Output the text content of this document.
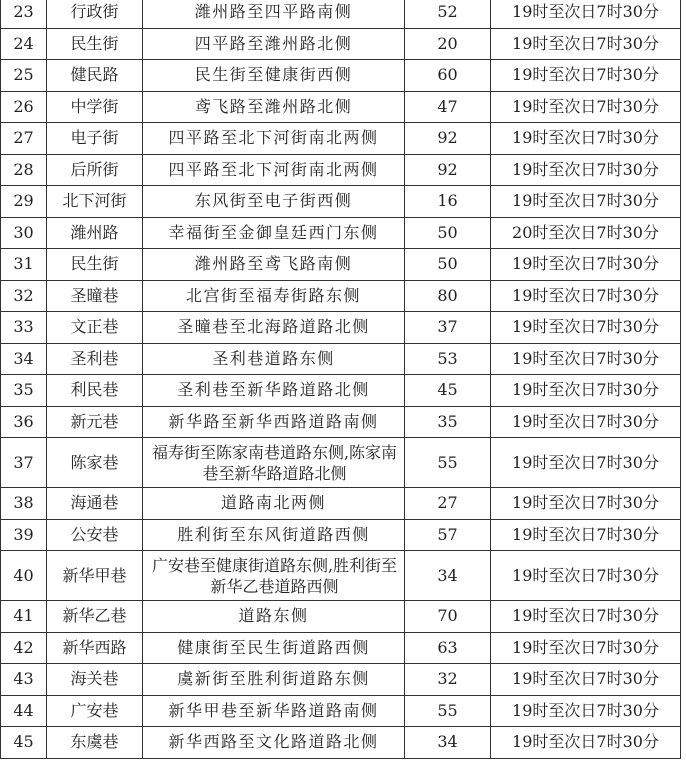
23	行政街	潍州路至四平路南侧	52	19时至次日7时30分
24	民生街	四平路至潍州路北侧	20	19时至次日7时30分
25	健民路	民生街至健康街西侧	60	19时至次日7时30分
26	中学街	鸢飞路至潍州路北侧	47	19时至次日7时30分
27	电子街	四平路至北下河街南北两侧	92	19时至次日7时30分
28	后所街	四平路至北下河街南北两侧	92	19时至次日7时30分
29	北下河街	东风街至电子街西侧	16	19时至次日7时30分
30	潍州路	幸福街至金御皇廷西门东侧	50	20时至次日7时30分
31	民生街	潍州路至鸢飞路南侧	50	19时至次日7时30分
32	圣曈巷	北宫街至福寿街路东侧	80	19时至次日7时30分
33	文正巷	圣曈巷至北海路道路北侧	37	19时至次日7时30分
34	圣利巷	圣利巷道路东侧	53	19时至次日7时30分
35	利民巷	圣利巷至新华路道路北侧	45	19时至次日7时30分
36	新元巷	新华路至新华西路道路南侧	35	19时至次日7时30分
37	陈家巷	福寿街至陈家南巷道路东侧,陈家南巷至新华路道路北侧	55	19时至次日7时30分
38	海通巷	道路南北两侧	27	19时至次日7时30分
39	公安巷	胜利街至东风街道路西侧	57	19时至次日7时30分
40	新华甲巷	广安巷至健康街道路东侧,胜利街至新华乙巷道路西侧	34	19时至次日7时30分
41	新华乙巷	道路东侧	70	19时至次日7时30分
42	新华西路	健康街至民生街道路西侧	63	19时至次日7时30分
43	海关巷	虞新街至胜利街道路东侧	32	19时至次日7时30分
44	广安巷	新华甲巷至新华路道路南侧	55	19时至次日7时30分
45	东虞巷	新华西路至文化路道路北侧	34	19时至次日7时30分
